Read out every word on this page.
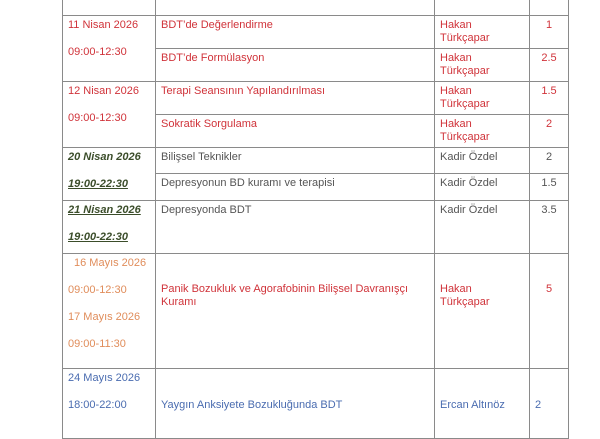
11 Nisan 2026
09:00-12:30	BDT’de Değerlendirme	Hakan Türkçapar	1
	BDT’de Formülasyon	Hakan Türkçapar	2.5

12 Nisan 2026
09:00-12:30	Terapi Seansının Yapılandırılması	Hakan Türkçapar	1.5
	Sokratik Sorgulama	Hakan Türkçapar	2

20 Nisan 2026
19:00-22:30	Bilişsel Teknikler	Kadir Özdel	2
	Depresyonun BD kuramı ve terapisi	Kadir Özdel	1.5

21 Nisan 2026
19:00-22:30	Depresyonda BDT	Kadir Özdel	3.5

16 Mayıs 2026
09:00-12:30
17 Mayıs 2026
09:00-11:30	Panik Bozukluk ve Agorafobinin Bilişsel Davranışçı Kuramı	Hakan Türkçapar	5

24 Mayıs 2026
18:00-22:00	Yaygın Anksiyete Bozukluğunda BDT	Ercan Altınöz	2
